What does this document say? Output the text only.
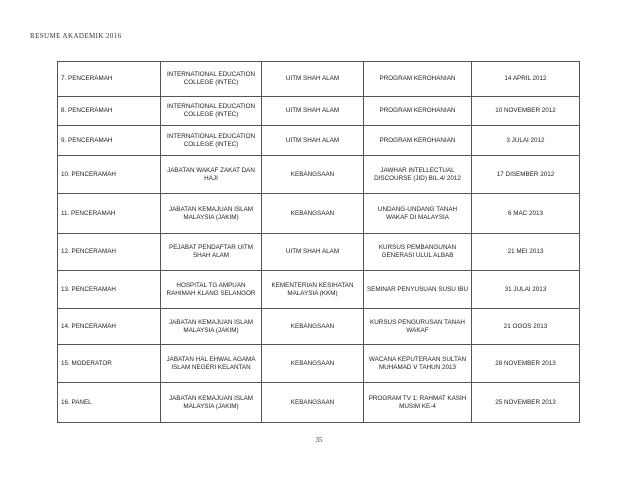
RESUME AKADEMIK 2016
7. PENCERAMAH	INTERNATIONAL EDUCATION COLLEGE (INTEC)	UITM SHAH ALAM	PROGRAM KEROHANIAN	14 APRIL 2012
8. PENCERAMAH	INTERNATIONAL EDUCATION COLLEGE (INTEC)	UITM SHAH ALAM	PROGRAM KEROHANIAN	10 NOVEMBER 2012
9. PENCERAMAH	INTERNATIONAL EDUCATION COLLEGE (INTEC)	UITM SHAH ALAM	PROGRAM KEROHANIAN	3 JULAI 2012
10. PENCERAMAH	JABATAN WAKAF ZAKAT DAN HAJI	KEBANGSAAN	JAWHAR INTELLECTUAL DISCOURSE (JID) BIL.4/ 2012	17 DISEMBER 2012
11. PENCERAMAH	JABATAN KEMAJUAN ISLAM MALAYSIA (JAKIM)	KEBANGSAAN	UNDANG-UNDANG TANAH WAKAF DI MALAYSIA	6 MAC 2013
12. PENCERAMAH	PEJABAT PENDAFTAR UITM SHAH ALAM	UITM SHAH ALAM	KURSUS PEMBANGUNAN GENERASI ULUL ALBAB	21 MEI 2013
13. PENCERAMAH	HOSPITAL TG AMPUAN RAHIMAH KLANG SELANGOR	KEMENTERIAN KESIHATAN MALAYSIA (KKM)	SEMINAR PENYUSUAN SUSU IBU	31 JULAI 2013
14. PENCERAMAH	JABATAN KEMAJUAN ISLAM MALAYSIA (JAKIM)	KEBANGSAAN	KURSUS PENGURUSAN TANAH WAKAF	21 OGOS 2013
15. MODERATOR	JABATAN HAL EHWAL AGAMA ISLAM NEGERI KELANTAN	KEBANGSAAN	WACANA KEPUTERAAN SULTAN MUHAMAD V TAHUN 2013	28 NOVEMBER 2013
16. PANEL	JABATAN KEMAJUAN ISLAM MALAYSIA (JAKIM)	KEBANGSAAN	PROGRAM TV 1: RAHMAT KASIH MUSIM KE-4	25 NOVEMBER 2013
35
